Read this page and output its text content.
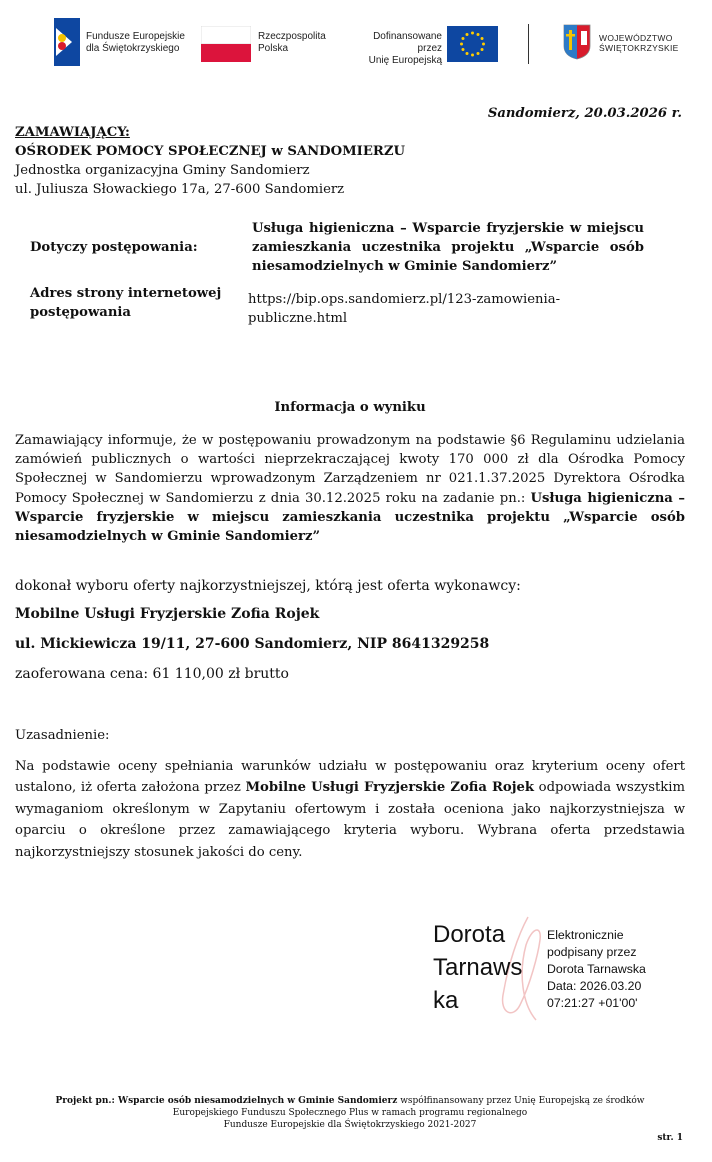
Fundusze Europejskie
dla Świętokrzyskiego
Rzeczpospolita
Polska
Dofinansowane przez
Unię Europejską
WOJEWÓDZTWO
ŚWIĘTOKRZYSKIE
Sandomierz, 20.03.2026 r.
ZAMAWIAJĄCY:
OŚRODEK POMOCY SPOŁECZNEJ w SANDOMIERZU
Jednostka organizacyjna Gminy Sandomierz
ul. Juliusza Słowackiego 17a, 27-600 Sandomierz
Dotyczy postępowania:
Usługa higieniczna – Wsparcie fryzjerskie w miejscu zamieszkania uczestnika projektu „Wsparcie osób niesamodzielnych w Gminie Sandomierz”
Adres strony internetowej postępowania
https://bip.ops.sandomierz.pl/123-zamowienia-
publiczne.html
Informacja o wyniku
Zamawiający informuje, że w postępowaniu prowadzonym na podstawie §6 Regulaminu udzielania zamówień publicznych o wartości nieprzekraczającej kwoty 170 000 zł dla Ośrodka Pomocy Społecznej w Sandomierzu wprowadzonym Zarządzeniem nr 021.1.37.2025 Dyrektora Ośrodka Pomocy Społecznej w Sandomierzu z dnia 30.12.2025 roku na zadanie pn.: Usługa higieniczna – Wsparcie fryzjerskie w miejscu zamieszkania uczestnika projektu „Wsparcie osób niesamodzielnych w Gminie Sandomierz”
dokonał wyboru oferty najkorzystniejszej, którą jest oferta wykonawcy:
Mobilne Usługi Fryzjerskie Zofia Rojek
ul. Mickiewicza 19/11, 27-600 Sandomierz, NIP 8641329258
zaoferowana cena: 61 110,00 zł brutto
Uzasadnienie:
Na podstawie oceny spełniania warunków udziału w postępowaniu oraz kryterium oceny ofert ustalono, iż oferta założona przez Mobilne Usługi Fryzjerskie Zofia Rojek odpowiada wszystkim wymaganiom określonym w Zapytaniu ofertowym i została oceniona jako najkorzystniejsza w oparciu o określone przez zamawiającego kryteria wyboru. Wybrana oferta przedstawia najkorzystniejszy stosunek jakości do ceny.
Dorota
Tarnaws
ka
Elektronicznie
podpisany przez
Dorota Tarnawska
Data: 2026.03.20
07:21:27 +01'00'
Projekt pn.: Wsparcie osób niesamodzielnych w Gminie Sandomierz współfinansowany przez Unię Europejską ze środków
Europejskiego Funduszu Społecznego Plus w ramach programu regionalnego
Fundusze Europejskie dla Świętokrzyskiego 2021-2027
str. 1
